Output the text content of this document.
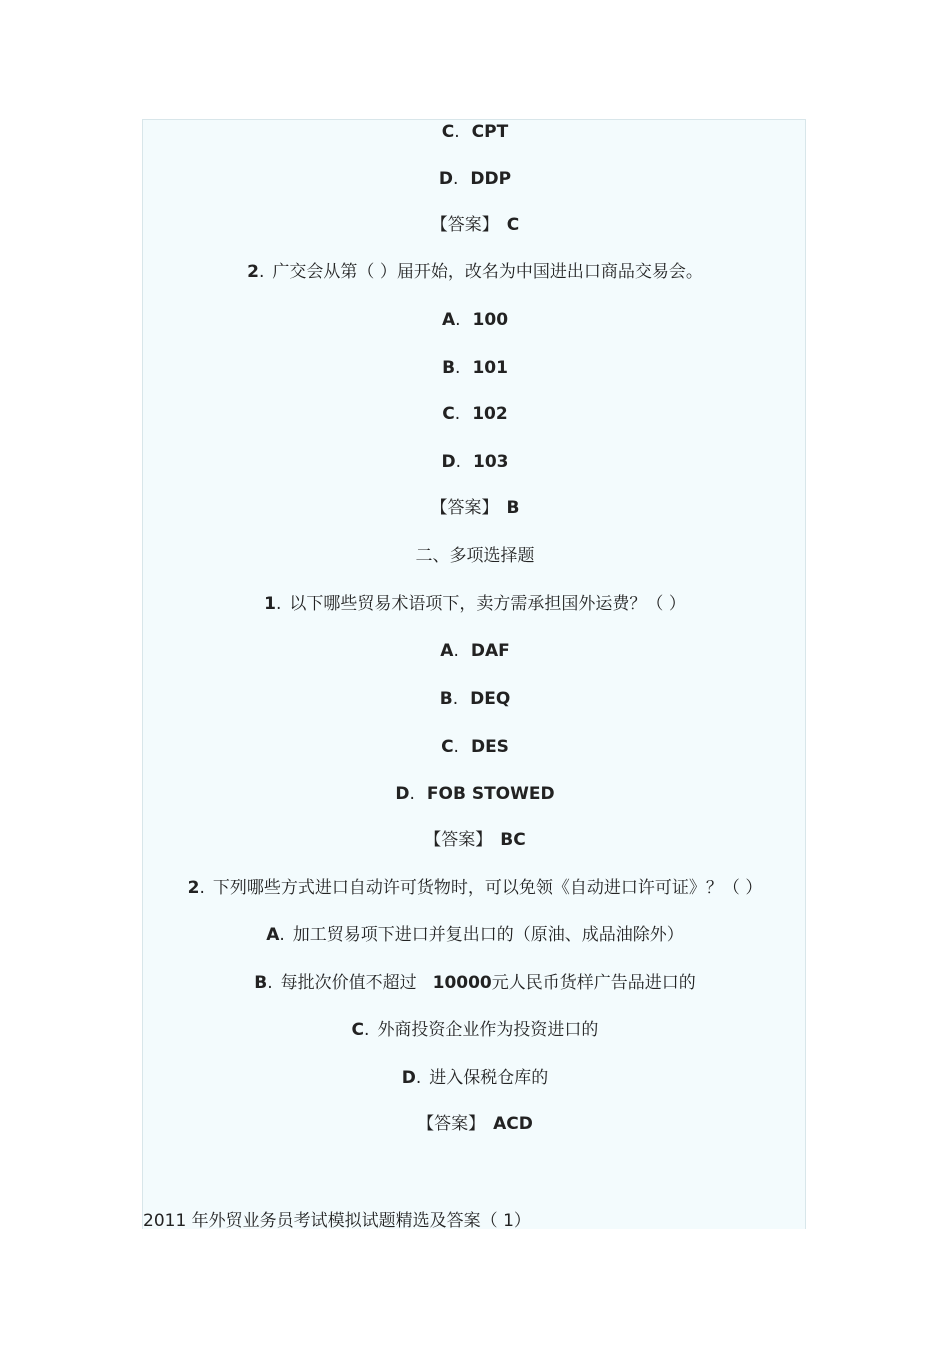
C. CPT
D. DDP
【答案】 C
2. 广交会从第（ ）届开始，改名为中国进出口商品交易会。
A. 100
B. 101
C. 102
D. 103
【答案】 B
二、多项选择题
1. 以下哪些贸易术语项下，卖方需承担国外运费？（ ）
A. DAF
B. DEQ
C. DES
D. FOB STOWED
【答案】 BC
2. 下列哪些方式进口自动许可货物时，可以免领《自动进口许可证》？（ ）
A. 加工贸易项下进口并复出口的（原油、成品油除外）
B. 每批次价值不超过 10000元人民币货样广告品进口的
C. 外商投资企业作为投资进口的
D. 进入保税仓库的
【答案】 ACD
2011 年外贸业务员考试模拟试题精选及答案（ 1）
